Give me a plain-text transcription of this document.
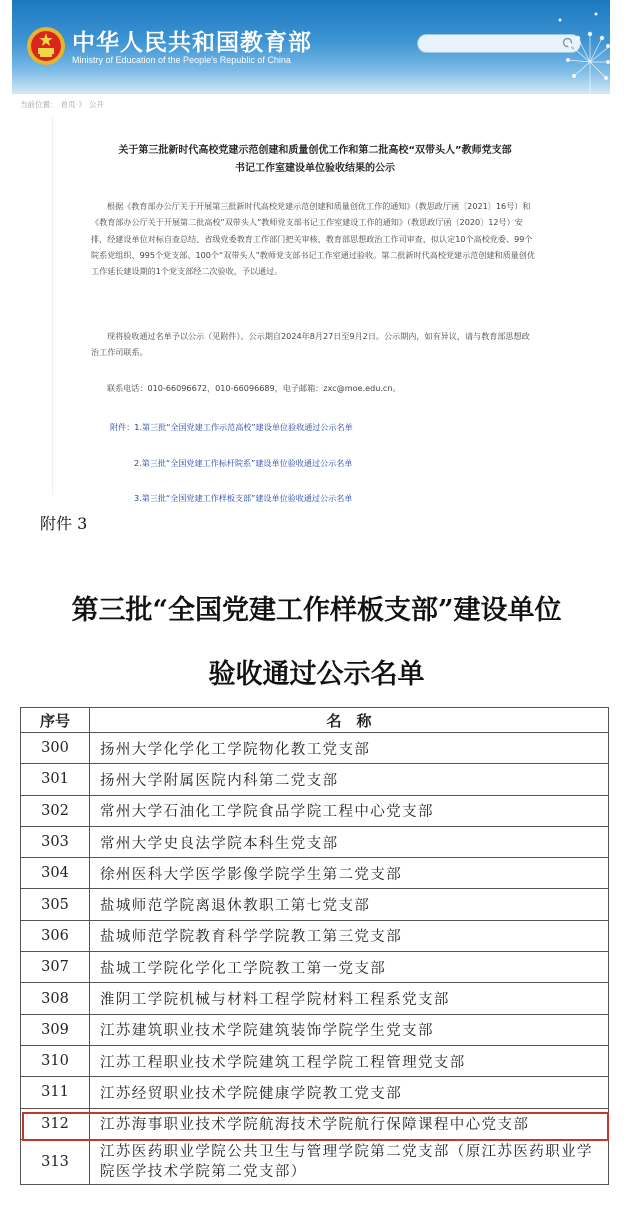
中华人民共和国教育部
Ministry of Education of the People's Republic of China
当前位置： 首页 》 公开
关于第三批新时代高校党建示范创建和质量创优工作和第二批高校“双带头人”教师党支部
书记工作室建设单位验收结果的公示
根据《教育部办公厅关于开展第三批新时代高校党建示范创建和质量创优工作的通知》（教思政厅函〔2021〕16号）和《教育部办公厅关于开展第二批高校“双带头人”教师党支部书记工作室建设工作的通知》（教思政厅函〔2020〕12号）安排，经建设单位对标自查总结、省级党委教育工作部门把关审核、教育部思想政治工作司审查，拟认定10个高校党委、99个院系党组织、995个党支部、100个“双带头人”教师党支部书记工作室通过验收。第二批新时代高校党建示范创建和质量创优工作延长建设期的1个党支部经二次验收，予以通过。
现将验收通过名单予以公示（见附件）。公示期自2024年8月27日至9月2日。公示期内，如有异议，请与教育部思想政治工作司联系。
联系电话：010-66096672，010-66096689，电子邮箱：zxc@moe.edu.cn。
附件：1.第三批“全国党建工作示范高校”建设单位验收通过公示名单
2.第三批“全国党建工作标杆院系”建设单位验收通过公示名单
3.第三批“全国党建工作样板支部”建设单位验收通过公示名单
附件 3
第三批“全国党建工作样板支部”建设单位
验收通过公示名单
序号	名　称
300	扬州大学化学化工学院物化教工党支部
301	扬州大学附属医院内科第二党支部
302	常州大学石油化工学院食品学院工程中心党支部
303	常州大学史良法学院本科生党支部
304	徐州医科大学医学影像学院学生第二党支部
305	盐城师范学院离退休教职工第七党支部
306	盐城师范学院教育科学学院教工第三党支部
307	盐城工学院化学化工学院教工第一党支部
308	淮阴工学院机械与材料工程学院材料工程系党支部
309	江苏建筑职业技术学院建筑装饰学院学生党支部
310	江苏工程职业技术学院建筑工程学院工程管理党支部
311	江苏经贸职业技术学院健康学院教工党支部
312	江苏海事职业技术学院航海技术学院航行保障课程中心党支部
313	江苏医药职业学院公共卫生与管理学院第二党支部（原江苏医药职业学院医学技术学院第二党支部）
